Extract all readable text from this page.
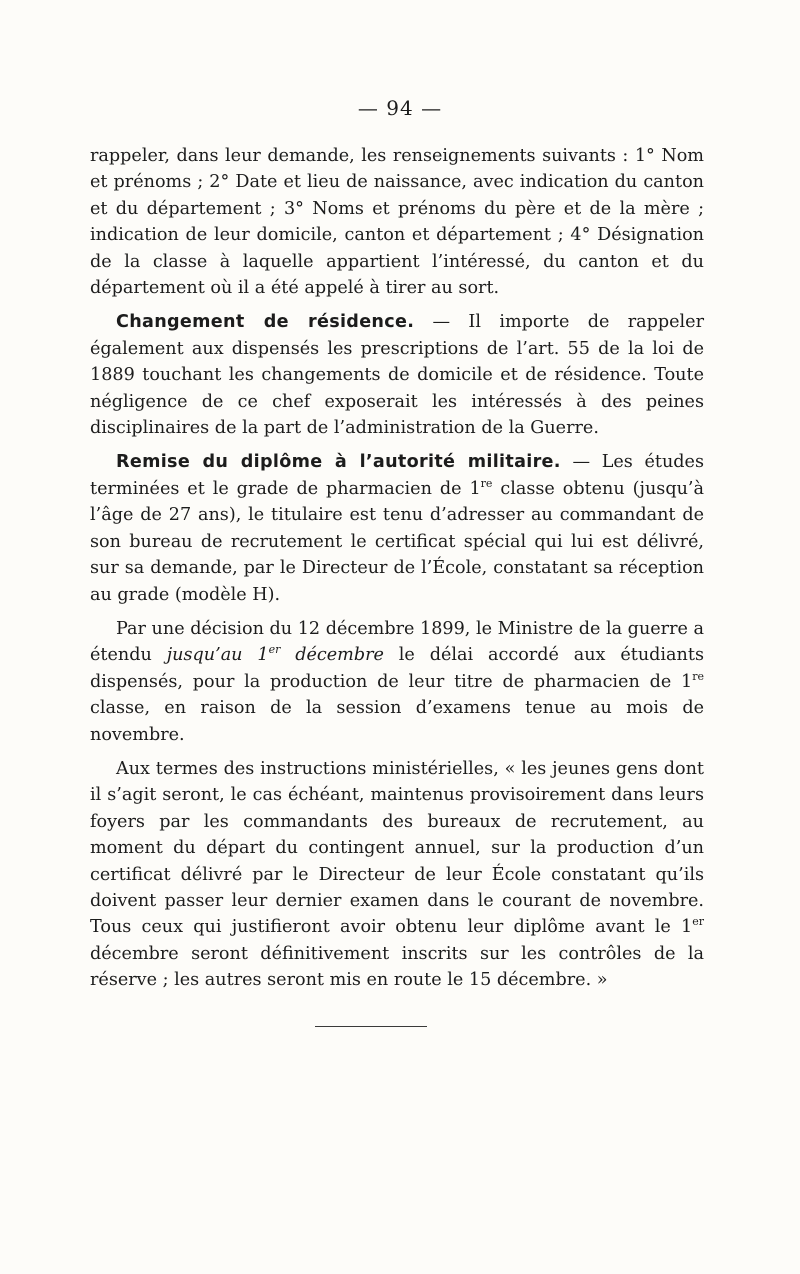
— 94 —

rappeler, dans leur demande, les renseignements suivants : 1° Nom et prénoms ; 2° Date et lieu de naissance, avec indication du canton et du département ; 3° Noms et prénoms du père et de la mère ; indication de leur domicile, canton et département ; 4° Désignation de la classe à laquelle appartient l’intéressé, du canton et du département où il a été appelé à tirer au sort.

Changement de résidence. — Il importe de rappeler également aux dispensés les prescriptions de l’art. 55 de la loi de 1889 touchant les changements de domicile et de résidence. Toute négligence de ce chef exposerait les intéressés à des peines disciplinaires de la part de l’administration de la Guerre.

Remise du diplôme à l’autorité militaire. — Les études terminées et le grade de pharmacien de 1re classe obtenu (jusqu’à l’âge de 27 ans), le titulaire est tenu d’adresser au commandant de son bureau de recrutement le certificat spécial qui lui est délivré, sur sa demande, par le Directeur de l’École, constatant sa réception au grade (modèle H).

Par une décision du 12 décembre 1899, le Ministre de la guerre a étendu jusqu’au 1er décembre le délai accordé aux étudiants dispensés, pour la production de leur titre de pharmacien de 1re classe, en raison de la session d’examens tenue au mois de novembre.

Aux termes des instructions ministérielles, « les jeunes gens dont il s’agit seront, le cas échéant, maintenus provisoirement dans leurs foyers par les commandants des bureaux de recrutement, au moment du départ du contingent annuel, sur la production d’un certificat délivré par le Directeur de leur École constatant qu’ils doivent passer leur dernier examen dans le courant de novembre. Tous ceux qui justifieront avoir obtenu leur diplôme avant le 1er décembre seront définitivement inscrits sur les contrôles de la réserve ; les autres seront mis en route le 15 décembre. »
